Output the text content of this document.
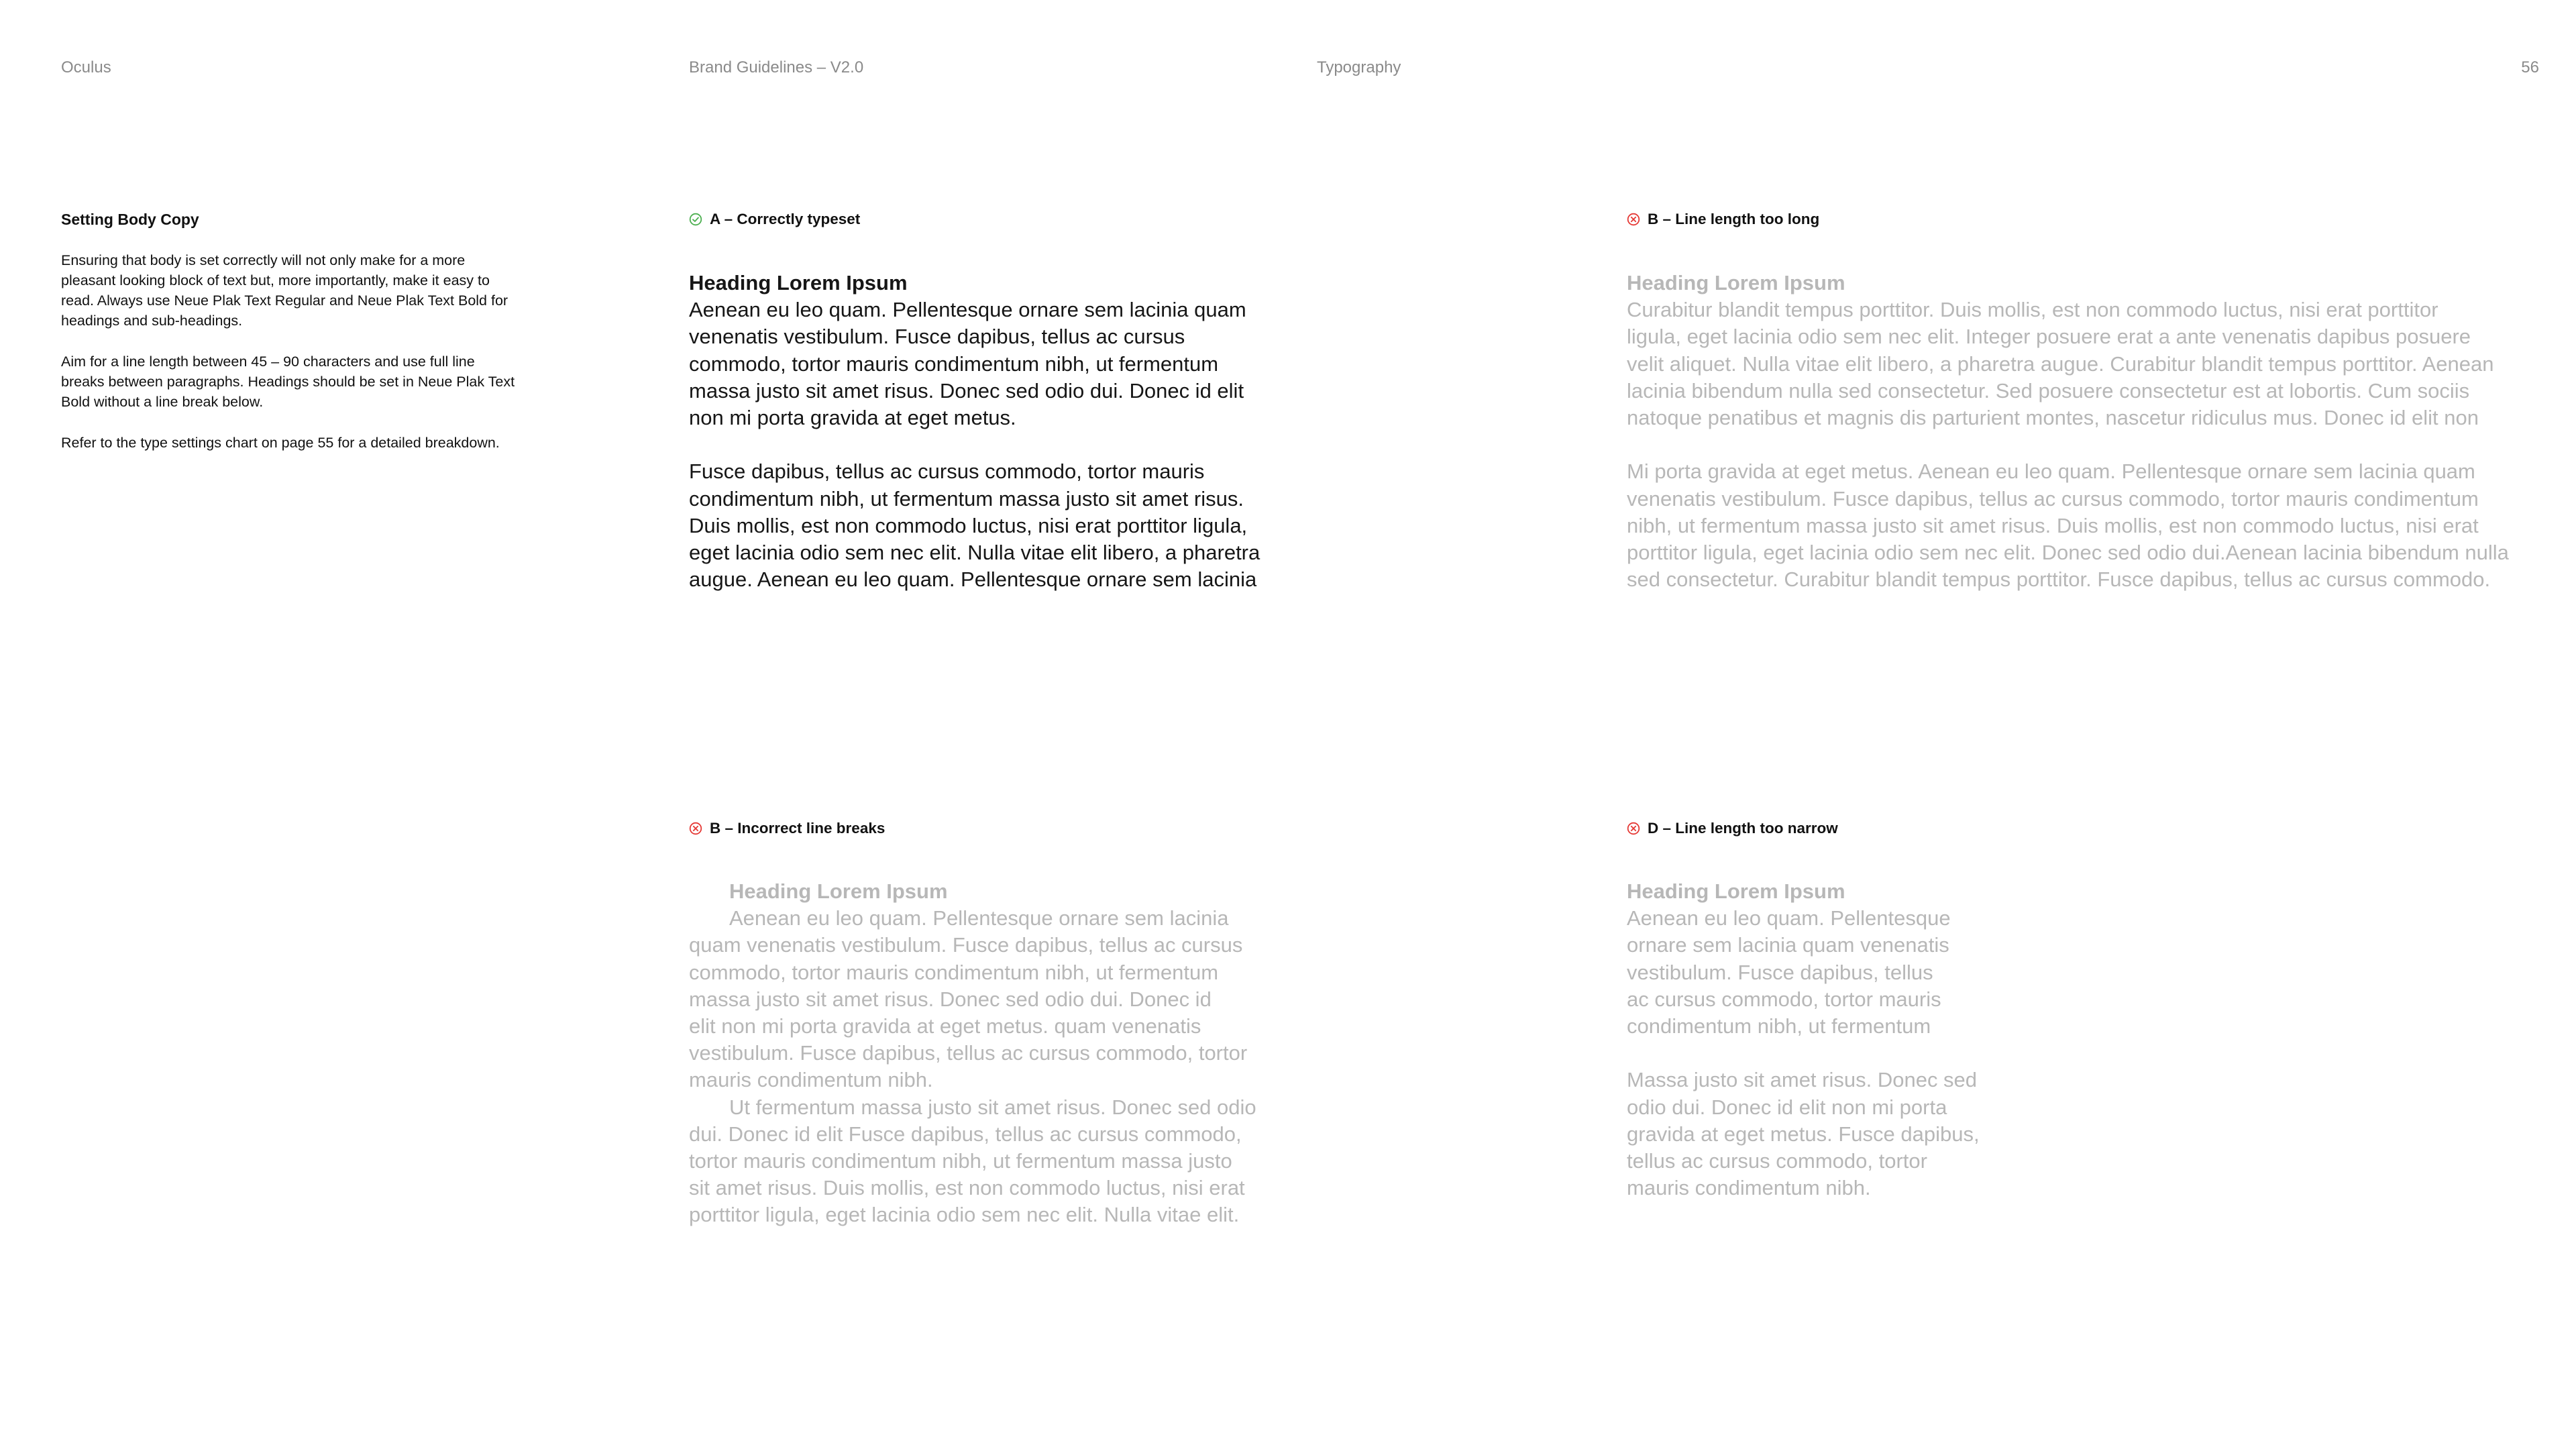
Oculus	Brand Guidelines – V2.0	Typography	56
Setting Body Copy

Ensuring that body is set correctly will not only make for a more pleasant looking block of text but, more importantly, make it easy to read. Always use Neue Plak Text Regular and Neue Plak Text Bold for headings and sub-headings.

Aim for a line length between 45 – 90 characters and use full line breaks between paragraphs. Headings should be set in Neue Plak Text Bold without a line break below.

Refer to the type settings chart on page 55 for a detailed breakdown.

A – Correctly typeset
Heading Lorem Ipsum
Aenean eu leo quam. Pellentesque ornare sem lacinia quam
venenatis vestibulum. Fusce dapibus, tellus ac cursus
commodo, tortor mauris condimentum nibh, ut fermentum
massa justo sit amet risus. Donec sed odio dui. Donec id elit
non mi porta gravida at eget metus.
Fusce dapibus, tellus ac cursus commodo, tortor mauris
condimentum nibh, ut fermentum massa justo sit amet risus.
Duis mollis, est non commodo luctus, nisi erat porttitor ligula,
eget lacinia odio sem nec elit. Nulla vitae elit libero, a pharetra
augue. Aenean eu leo quam. Pellentesque ornare sem lacinia
B – Line length too long
Heading Lorem Ipsum
Curabitur blandit tempus porttitor. Duis mollis, est non commodo luctus, nisi erat porttitor
ligula, eget lacinia odio sem nec elit. Integer posuere erat a ante venenatis dapibus posuere
velit aliquet. Nulla vitae elit libero, a pharetra augue. Curabitur blandit tempus porttitor. Aenean
lacinia bibendum nulla sed consectetur. Sed posuere consectetur est at lobortis. Cum sociis
natoque penatibus et magnis dis parturient montes, nascetur ridiculus mus. Donec id elit non
Mi porta gravida at eget metus. Aenean eu leo quam. Pellentesque ornare sem lacinia quam
venenatis vestibulum. Fusce dapibus, tellus ac cursus commodo, tortor mauris condimentum
nibh, ut fermentum massa justo sit amet risus. Duis mollis, est non commodo luctus, nisi erat
porttitor ligula, eget lacinia odio sem nec elit. Donec sed odio dui.Aenean lacinia bibendum nulla
sed consectetur. Curabitur blandit tempus porttitor. Fusce dapibus, tellus ac cursus commodo.
B – Incorrect line breaks
Heading Lorem Ipsum
Aenean eu leo quam. Pellentesque ornare sem lacinia
quam venenatis vestibulum. Fusce dapibus, tellus ac cursus
commodo, tortor mauris condimentum nibh, ut fermentum
massa justo sit amet risus. Donec sed odio dui. Donec id
elit non mi porta gravida at eget metus. quam venenatis
vestibulum. Fusce dapibus, tellus ac cursus commodo, tortor
mauris condimentum nibh.
Ut fermentum massa justo sit amet risus. Donec sed odio
dui. Donec id elit Fusce dapibus, tellus ac cursus commodo,
tortor mauris condimentum nibh, ut fermentum massa justo
sit amet risus. Duis mollis, est non commodo luctus, nisi erat
porttitor ligula, eget lacinia odio sem nec elit. Nulla vitae elit.
D – Line length too narrow
Heading Lorem Ipsum
Aenean eu leo quam. Pellentesque
ornare sem lacinia quam venenatis
vestibulum. Fusce dapibus, tellus
ac cursus commodo, tortor mauris
condimentum nibh, ut fermentum
Massa justo sit amet risus. Donec sed
odio dui. Donec id elit non mi porta
gravida at eget metus. Fusce dapibus,
tellus ac cursus commodo, tortor
mauris condimentum nibh.
